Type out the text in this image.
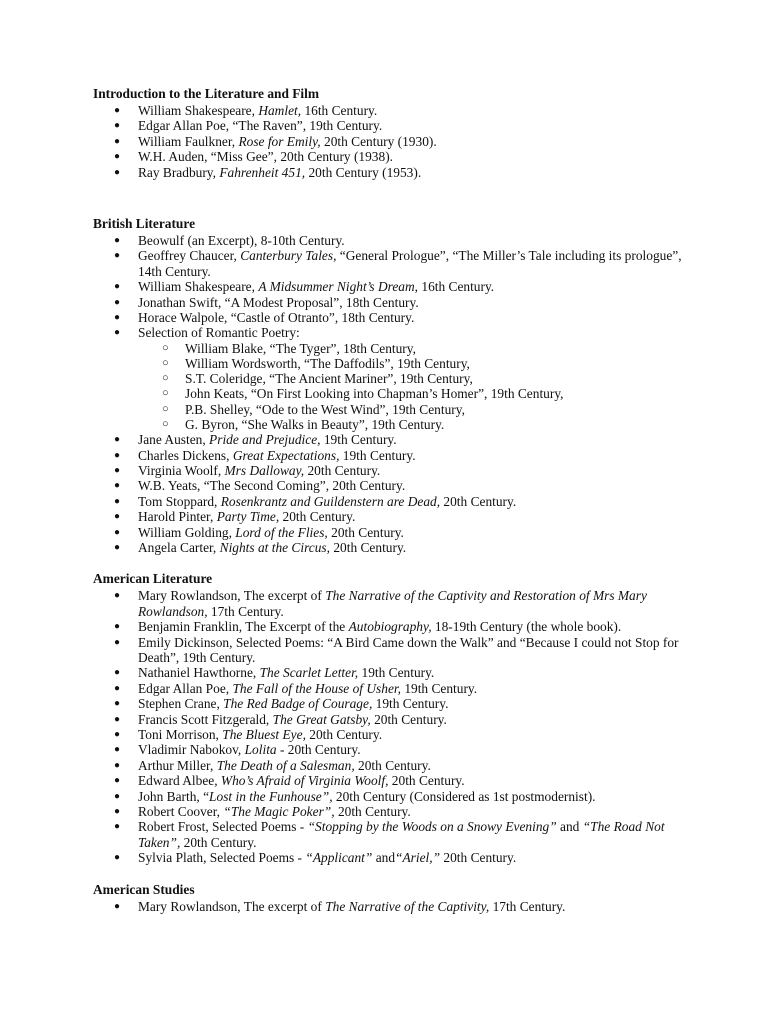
Introduction to the Literature and Film
● William Shakespeare, Hamlet, 16th Century.
● Edgar Allan Poe, “The Raven”, 19th Century.
● William Faulkner, Rose for Emily, 20th Century (1930).
● W.H. Auden, “Miss Gee”, 20th Century (1938).
● Ray Bradbury, Fahrenheit 451, 20th Century (1953).
British Literature
● Beowulf (an Excerpt), 8-10th Century.
● Geoffrey Chaucer, Canterbury Tales, “General Prologue”, “The Miller’s Tale including its prologue”, 14th Century.
● William Shakespeare, A Midsummer Night’s Dream, 16th Century.
● Jonathan Swift, “A Modest Proposal”, 18th Century.
● Horace Walpole, “Castle of Otranto”, 18th Century.
● Selection of Romantic Poetry:
○ William Blake, “The Tyger”, 18th Century,
○ William Wordsworth, “The Daffodils”, 19th Century,
○ S.T. Coleridge, “The Ancient Mariner”, 19th Century,
○ John Keats, “On First Looking into Chapman’s Homer”, 19th Century,
○ P.B. Shelley, “Ode to the West Wind”, 19th Century,
○ G. Byron, “She Walks in Beauty”, 19th Century.
● Jane Austen, Pride and Prejudice, 19th Century.
● Charles Dickens, Great Expectations, 19th Century.
● Virginia Woolf, Mrs Dalloway, 20th Century.
● W.B. Yeats, “The Second Coming”, 20th Century.
● Tom Stoppard, Rosenkrantz and Guildenstern are Dead, 20th Century.
● Harold Pinter, Party Time, 20th Century.
● William Golding, Lord of the Flies, 20th Century.
● Angela Carter, Nights at the Circus, 20th Century.
American Literature
● Mary Rowlandson, The excerpt of The Narrative of the Captivity and Restoration of Mrs Mary Rowlandson, 17th Century.
● Benjamin Franklin, The Excerpt of the Autobiography, 18-19th Century (the whole book).
● Emily Dickinson, Selected Poems: “A Bird Came down the Walk” and “Because I could not Stop for Death”, 19th Century.
● Nathaniel Hawthorne, The Scarlet Letter, 19th Century.
● Edgar Allan Poe, The Fall of the House of Usher, 19th Century.
● Stephen Crane, The Red Badge of Courage, 19th Century.
● Francis Scott Fitzgerald, The Great Gatsby, 20th Century.
● Toni Morrison, The Bluest Eye, 20th Century.
● Vladimir Nabokov, Lolita - 20th Century.
● Arthur Miller, The Death of a Salesman, 20th Century.
● Edward Albee, Who’s Afraid of Virginia Woolf, 20th Century.
● John Barth, “Lost in the Funhouse”, 20th Century (Considered as 1st postmodernist).
● Robert Coover, “The Magic Poker”, 20th Century.
● Robert Frost, Selected Poems - “Stopping by the Woods on a Snowy Evening” and “The Road Not Taken”, 20th Century.
● Sylvia Plath, Selected Poems - “Applicant” and“Ariel,” 20th Century.
American Studies
● Mary Rowlandson, The excerpt of The Narrative of the Captivity, 17th Century.
